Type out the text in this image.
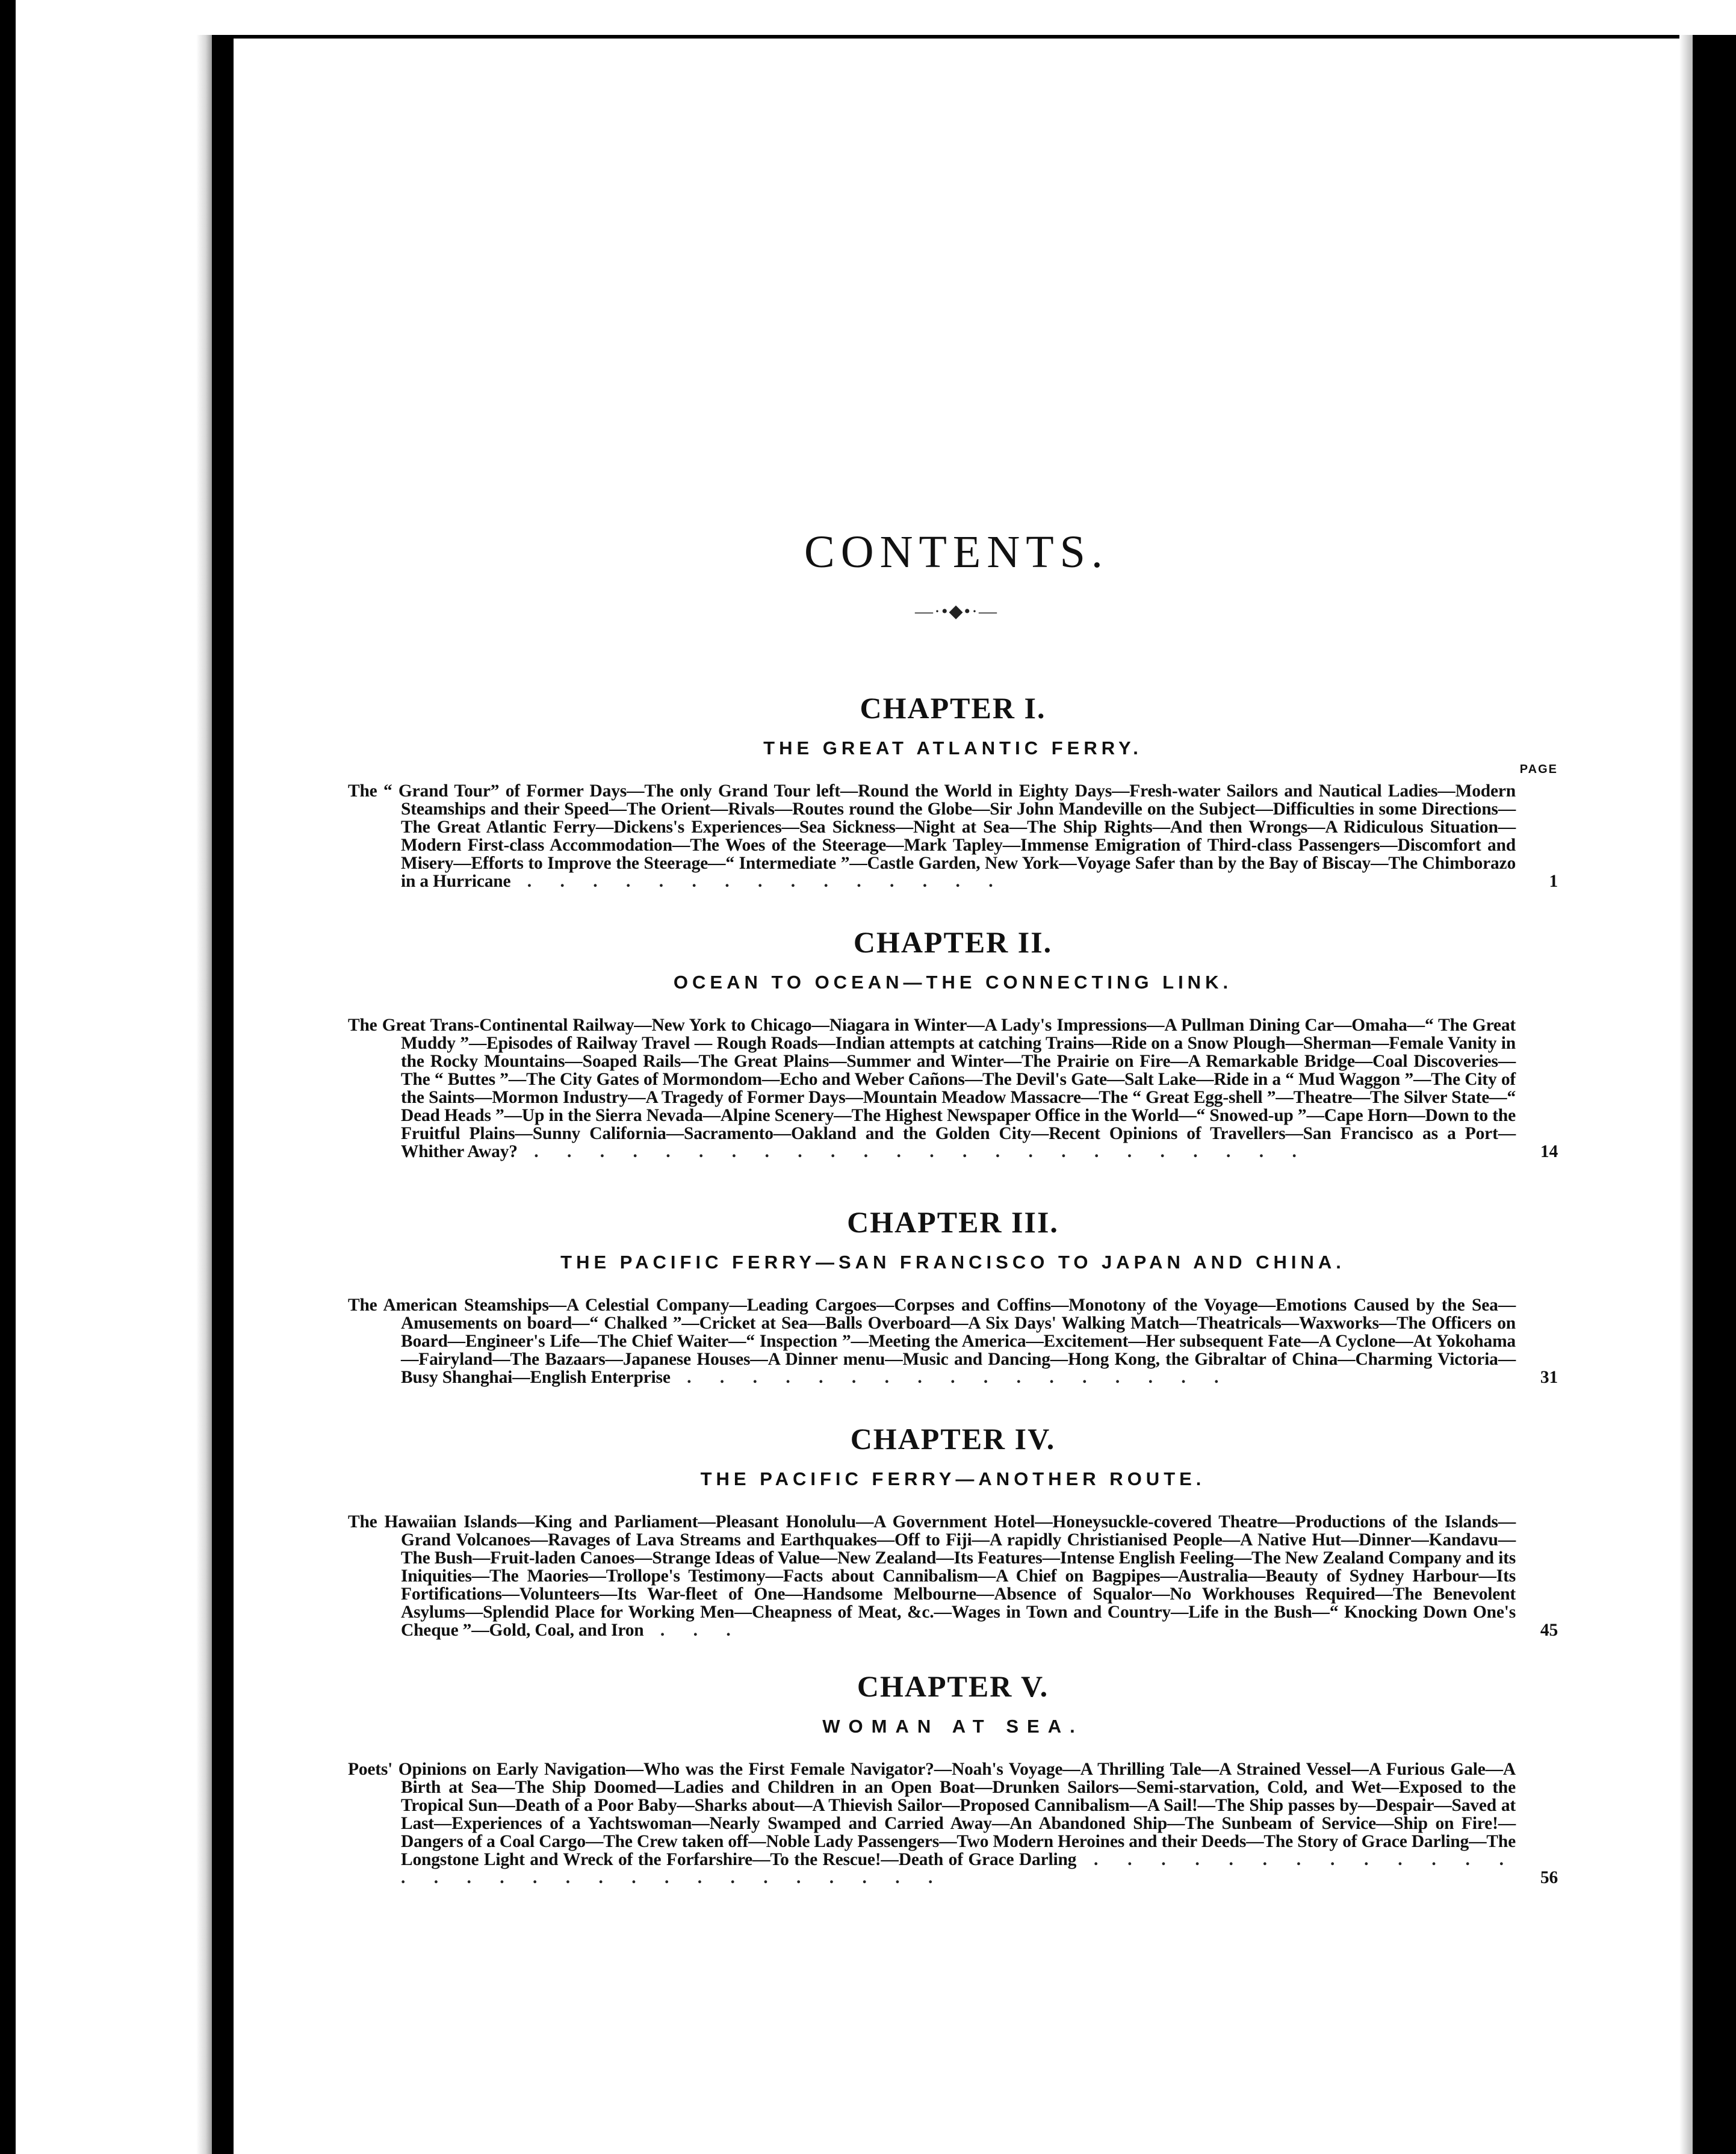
CONTENTS.
—·•◆•·—
CHAPTER I.
THE GREAT ATLANTIC FERRY.
PAGE
The “ Grand Tour” of Former Days—The only Grand Tour left—Round the World in Eighty Days—Fresh-water Sailors and Nautical Ladies—Modern Steamships and their Speed—The Orient—Rivals—Routes round the Globe—Sir John Mandeville on the Subject—Difficulties in some Directions—The Great Atlantic Ferry—Dickens's Experiences—Sea Sickness—Night at Sea—The Ship Rights—And then Wrongs—A Ridiculous Situation—Modern First-class Accommodation—The Woes of the Steerage—Mark Tapley—Immense Emigration of Third-class Passengers—Discomfort and Misery—Efforts to Improve the Steerage—“ Intermediate ”—Castle Garden, New York—Voyage Safer than by the Bay of Biscay—The Chimborazo in a Hurricane . . . . . . . . . . . . . . .	1
CHAPTER II.
OCEAN TO OCEAN—THE CONNECTING LINK.
The Great Trans-Continental Railway—New York to Chicago—Niagara in Winter—A Lady's Impressions—A Pullman Dining Car—Omaha—“ The Great Muddy ”—Episodes of Railway Travel — Rough Roads—Indian attempts at catching Trains—Ride on a Snow Plough—Sherman—Female Vanity in the Rocky Mountains—Soaped Rails—The Great Plains—Summer and Winter—The Prairie on Fire—A Remarkable Bridge—Coal Discoveries—The “ Buttes ”—The City Gates of Mormondom—Echo and Weber Cañons—The Devil's Gate—Salt Lake—Ride in a “ Mud Waggon ”—The City of the Saints—Mormon Industry—A Tragedy of Former Days—Mountain Meadow Massacre—The “ Great Egg-shell ”—Theatre—The Silver State—“ Dead Heads ”—Up in the Sierra Nevada—Alpine Scenery—The Highest Newspaper Office in the World—“ Snowed-up ”—Cape Horn—Down to the Fruitful Plains—Sunny California—Sacramento—Oakland and the Golden City—Recent Opinions of Travellers—San Francisco as a Port—Whither Away? . . . . . . . . . . . . . . . . . . . . . . . .	14
CHAPTER III.
THE PACIFIC FERRY—SAN FRANCISCO TO JAPAN AND CHINA.
The American Steamships—A Celestial Company—Leading Cargoes—Corpses and Coffins—Monotony of the Voyage—Emotions Caused by the Sea—Amusements on board—“ Chalked ”—Cricket at Sea—Balls Overboard—A Six Days' Walking Match—Theatricals—Waxworks—The Officers on Board—Engineer's Life—The Chief Waiter—“ Inspection ”—Meeting the America—Excitement—Her subsequent Fate—A Cyclone—At Yokohama—Fairyland—The Bazaars—Japanese Houses—A Dinner menu—Music and Dancing—Hong Kong, the Gibraltar of China—Charming Victoria—Busy Shanghai—English Enterprise . . . . . . . . . . . . . . . . .	31
CHAPTER IV.
THE PACIFIC FERRY—ANOTHER ROUTE.
The Hawaiian Islands—King and Parliament—Pleasant Honolulu—A Government Hotel—Honeysuckle-covered Theatre—Productions of the Islands—Grand Volcanoes—Ravages of Lava Streams and Earthquakes—Off to Fiji—A rapidly Christianised People—A Native Hut—Dinner—Kandavu—The Bush—Fruit-laden Canoes—Strange Ideas of Value—New Zealand—Its Features—Intense English Feeling—The New Zealand Company and its Iniquities—The Maories—Trollope's Testimony—Facts about Cannibalism—A Chief on Bagpipes—Australia—Beauty of Sydney Harbour—Its Fortifications—Volunteers—Its War-fleet of One—Handsome Melbourne—Absence of Squalor—No Workhouses Required—The Benevolent Asylums—Splendid Place for Working Men—Cheapness of Meat, &c.—Wages in Town and Country—Life in the Bush—“ Knocking Down One's Cheque ”—Gold, Coal, and Iron . . .	45
CHAPTER V.
WOMAN AT SEA.
Poets' Opinions on Early Navigation—Who was the First Female Navigator?—Noah's Voyage—A Thrilling Tale—A Strained Vessel—A Furious Gale—A Birth at Sea—The Ship Doomed—Ladies and Children in an Open Boat—Drunken Sailors—Semi-starvation, Cold, and Wet—Exposed to the Tropical Sun—Death of a Poor Baby—Sharks about—A Thievish Sailor—Proposed Cannibalism—A Sail!—The Ship passes by—Despair—Saved at Last—Experiences of a Yachtswoman—Nearly Swamped and Carried Away—An Abandoned Ship—The Sunbeam of Service—Ship on Fire!—Dangers of a Coal Cargo—The Crew taken off—Noble Lady Passengers—Two Modern Heroines and their Deeds—The Story of Grace Darling—The Longstone Light and Wreck of the Forfarshire—To the Rescue!—Death of Grace Darling . . . . . . . . . . . . . . . . . . . . . . . . . . . . . .	56
